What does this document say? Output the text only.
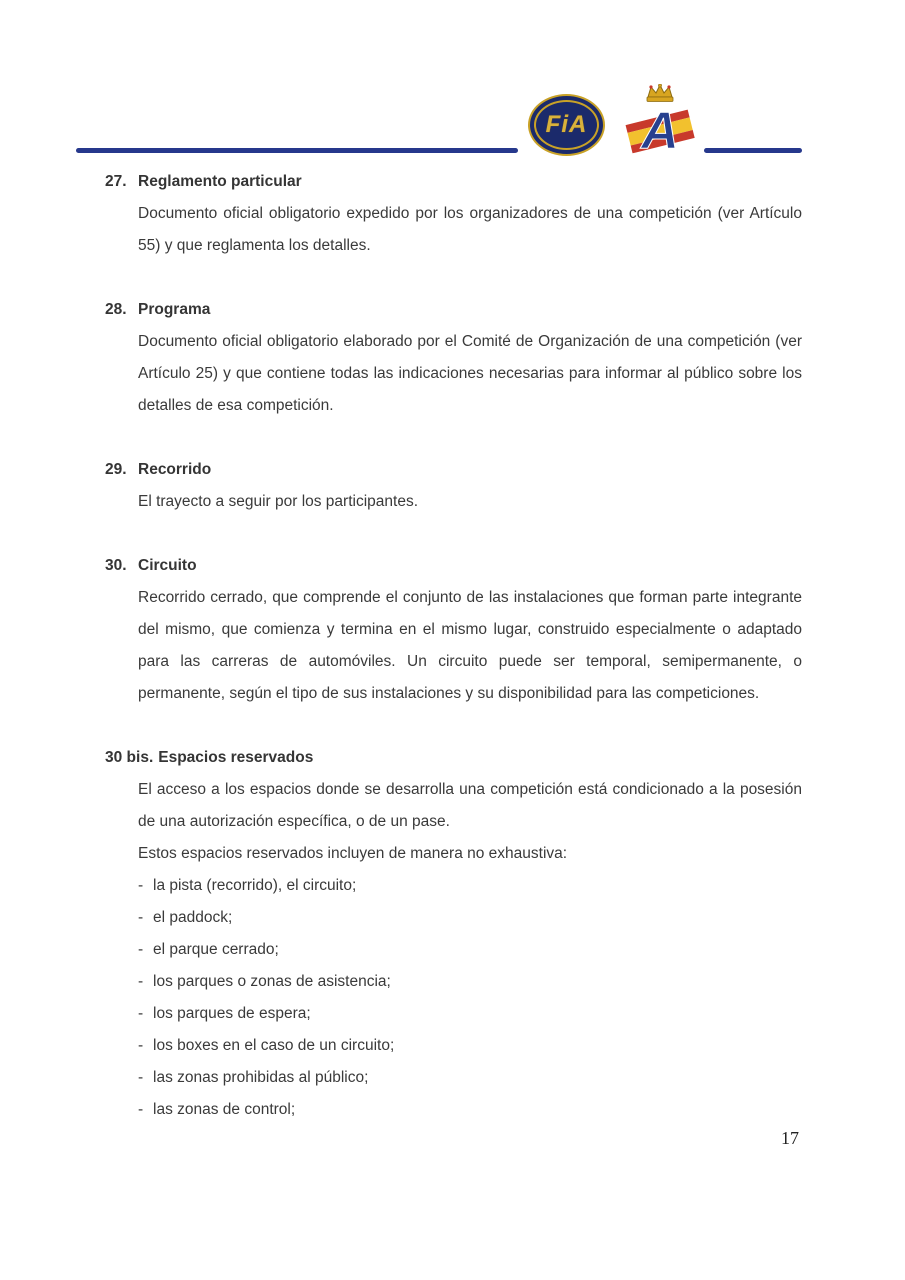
FiA A
27. Reglamento particular

Documento oficial obligatorio expedido por los organizadores de una competición (ver Artículo 55) y que reglamenta los detalles.

28. Programa

Documento oficial obligatorio elaborado por el Comité de Organización de una competición (ver Artículo 25) y que contiene todas las indicaciones necesarias para informar al público sobre los detalles de esa competición.

29. Recorrido

El trayecto a seguir por los participantes.

30. Circuito

Recorrido cerrado, que comprende el conjunto de las instalaciones que forman parte integrante del mismo, que comienza y termina en el mismo lugar, construido especialmente o adaptado para las carreras de automóviles. Un circuito puede ser temporal, semipermanente, o permanente, según el tipo de sus instalaciones y su disponibilidad para las competiciones.

30 bis. Espacios reservados

El acceso a los espacios donde se desarrolla una competición está condicionado a la posesión de una autorización específica, o de un pase.

Estos espacios reservados incluyen de manera no exhaustiva:

- la pista (recorrido), el circuito;
- el paddock;
- el parque cerrado;
- los parques o zonas de asistencia;
- los parques de espera;
- los boxes en el caso de un circuito;
- las zonas prohibidas al público;
- las zonas de control;
17
